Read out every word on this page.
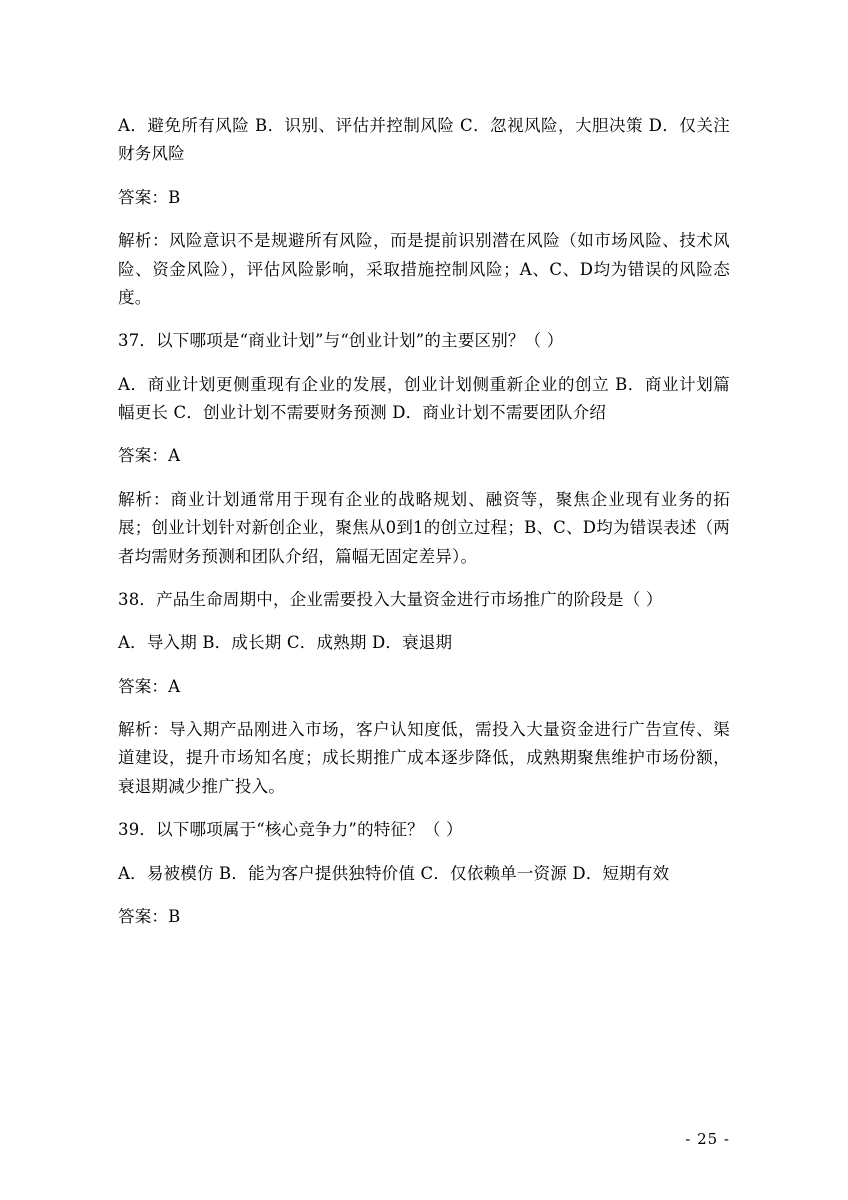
A．避免所有风险 B．识别、评估并控制风险 C．忽视风险，大胆决策 D．仅关注财务风险
答案：B
解析：风险意识不是规避所有风险，而是提前识别潜在风险（如市场风险、技术风险、资金风险），评估风险影响，采取措施控制风险；A、C、D均为错误的风险态度。
37．以下哪项是“商业计划”与“创业计划”的主要区别？（ ）
A．商业计划更侧重现有企业的发展，创业计划侧重新企业的创立 B．商业计划篇幅更长 C．创业计划不需要财务预测 D．商业计划不需要团队介绍
答案：A
解析：商业计划通常用于现有企业的战略规划、融资等，聚焦企业现有业务的拓展；创业计划针对新创企业，聚焦从0到1的创立过程；B、C、D均为错误表述（两者均需财务预测和团队介绍，篇幅无固定差异）。
38．产品生命周期中，企业需要投入大量资金进行市场推广的阶段是（ ）
A．导入期 B．成长期 C．成熟期 D．衰退期
答案：A
解析：导入期产品刚进入市场，客户认知度低，需投入大量资金进行广告宣传、渠道建设，提升市场知名度；成长期推广成本逐步降低，成熟期聚焦维护市场份额，衰退期减少推广投入。
39．以下哪项属于“核心竞争力”的特征？（ ）
A．易被模仿 B．能为客户提供独特价值 C．仅依赖单一资源 D．短期有效
答案：B
- 25 -
